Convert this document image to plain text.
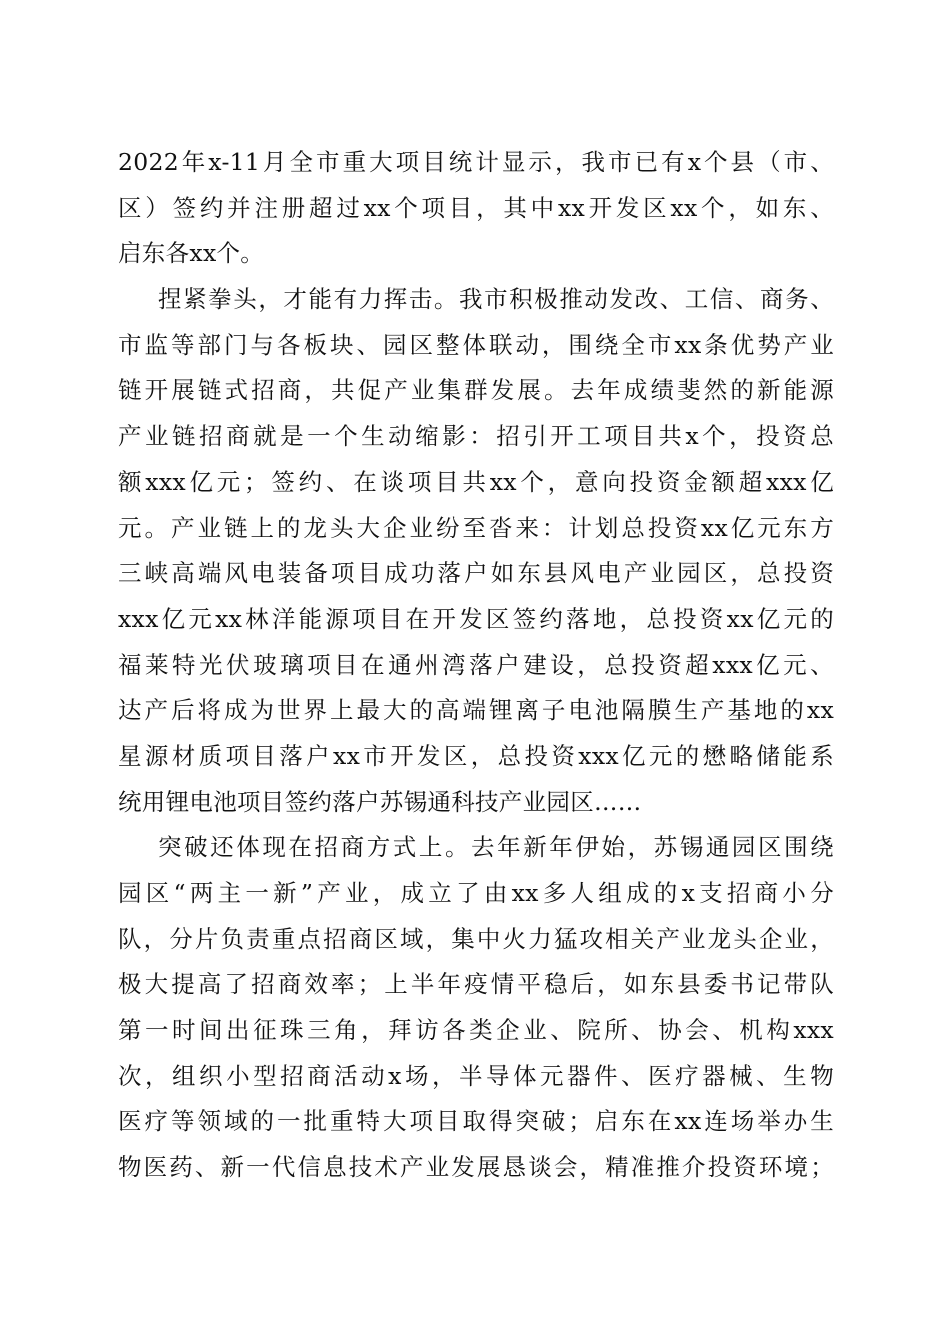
2022年x-11月全市重大项目统计显示，我市已有x个县（市、
区）签约并注册超过xx个项目，其中xx开发区xx个，如东、
启东各xx个。
捏紧拳头，才能有力挥击。我市积极推动发改、工信、商务、
市监等部门与各板块、园区整体联动，围绕全市xx条优势产业
链开展链式招商，共促产业集群发展。去年成绩斐然的新能源
产业链招商就是一个生动缩影：招引开工项目共x个，投资总
额xxx亿元；签约、在谈项目共xx个，意向投资金额超xxx亿
元。产业链上的龙头大企业纷至沓来：计划总投资xx亿元东方
三峡高端风电装备项目成功落户如东县风电产业园区，总投资
xxx亿元xx林洋能源项目在开发区签约落地，总投资xx亿元的
福莱特光伏玻璃项目在通州湾落户建设，总投资超xxx亿元、
达产后将成为世界上最大的高端锂离子电池隔膜生产基地的xx
星源材质项目落户xx市开发区，总投资xxx亿元的懋略储能系
统用锂电池项目签约落户苏锡通科技产业园区……
突破还体现在招商方式上。去年新年伊始，苏锡通园区围绕
园区“两主一新”产业，成立了由xx多人组成的x支招商小分
队，分片负责重点招商区域，集中火力猛攻相关产业龙头企业，
极大提高了招商效率；上半年疫情平稳后，如东县委书记带队
第一时间出征珠三角，拜访各类企业、院所、协会、机构xxx
次，组织小型招商活动x场，半导体元器件、医疗器械、生物
医疗等领域的一批重特大项目取得突破；启东在xx连场举办生
物医药、新一代信息技术产业发展恳谈会，精准推介投资环境；
